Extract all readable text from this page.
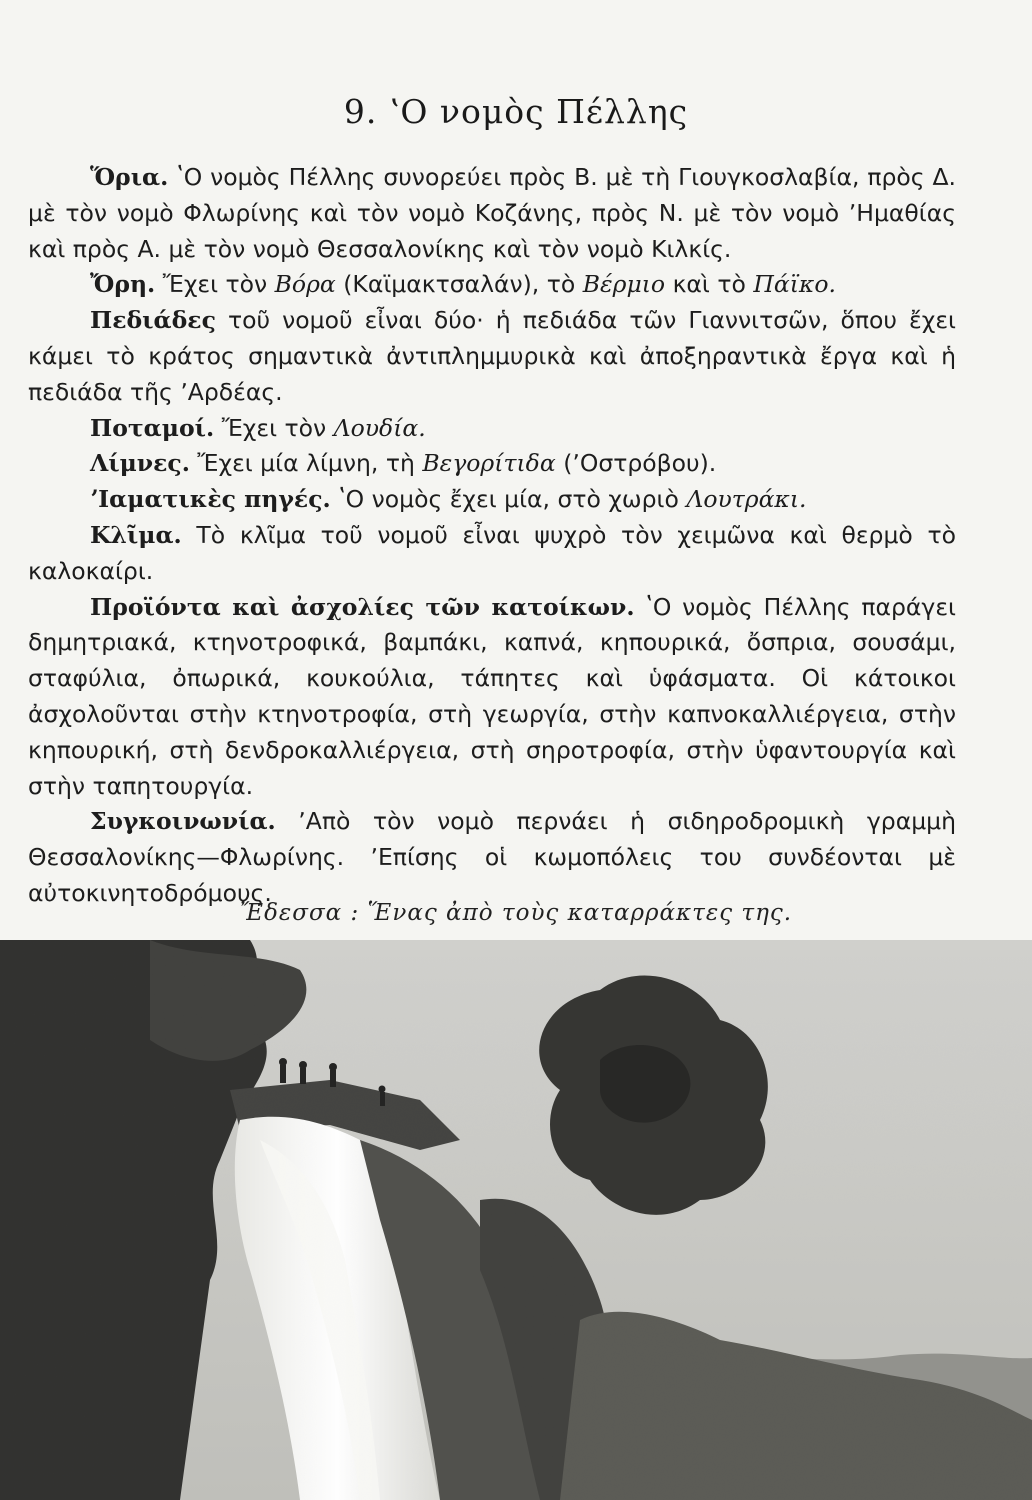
9. ʽΟ νομὸς Πέλλης

Ὅρια. ʽΟ νομὸς Πέλλης συνορεύει πρὸς Β. μὲ τὴ Γιουγκοσλαβία, πρὸς Δ. μὲ τὸν νομὸ Φλωρίνης καὶ τὸν νομὸ Κοζάνης, πρὸς Ν. μὲ τὸν νομὸ ʼΗμαθίας καὶ πρὸς Α. μὲ τὸν νομὸ Θεσσαλονίκης καὶ τὸν νομὸ Κιλκίς.

Ὄρη. Ἔχει τὸν Βόρα (Καϊμακτσαλάν), τὸ Βέρμιο καὶ τὸ Πάϊκο.

Πεδιάδες τοῦ νομοῦ εἶναι δύο· ἡ πεδιάδα τῶν Γιαννιτσῶν, ὅπου ἔχει κάμει τὸ κράτος σημαντικὰ ἀντιπλημμυρικὰ καὶ ἀποξηραντικὰ ἔργα καὶ ἡ πεδιάδα τῆς ʼΑρδέας.

Ποταμοί. Ἔχει τὸν Λουδία.

Λίμνες. Ἔχει μία λίμνη, τὴ Βεγορίτιδα (ʼΟστρόβου).

ʼΙαματικὲς πηγές. ʽΟ νομὸς ἔχει μία, στὸ χωριὸ Λουτράκι.

Κλῖμα. Τὸ κλῖμα τοῦ νομοῦ εἶναι ψυχρὸ τὸν χειμῶνα καὶ θερμὸ τὸ καλοκαίρι.

Προϊόντα καὶ ἀσχολίες τῶν κατοίκων. ʽΟ νομὸς Πέλλης παράγει δημητριακά, κτηνοτροφικά, βαμπάκι, καπνά, κηπουρικά, ὄσπρια, σουσάμι, σταφύλια, ὀπωρικά, κουκούλια, τάπητες καὶ ὑφάσματα. Οἱ κάτοικοι ἀσχολοῦνται στὴν κτηνοτροφία, στὴ γεωργία, στὴν καπνοκαλλιέργεια, στὴν κηπουρική, στὴ δενδροκαλλιέργεια, στὴ σηροτροφία, στὴν ὑφαντουργία καὶ στὴν ταπητουργία.

Συγκοινωνία. ʼΑπὸ τὸν νομὸ περνάει ἡ σιδηροδρομικὴ γραμμὴ Θεσσαλονίκης—Φλωρίνης. ʼΕπίσης οἱ κωμοπόλεις του συνδέονται μὲ αὐτοκινητοδρόμους.

Ἔδεσσα : Ἕνας ἀπὸ τοὺς καταρράκτες της.
